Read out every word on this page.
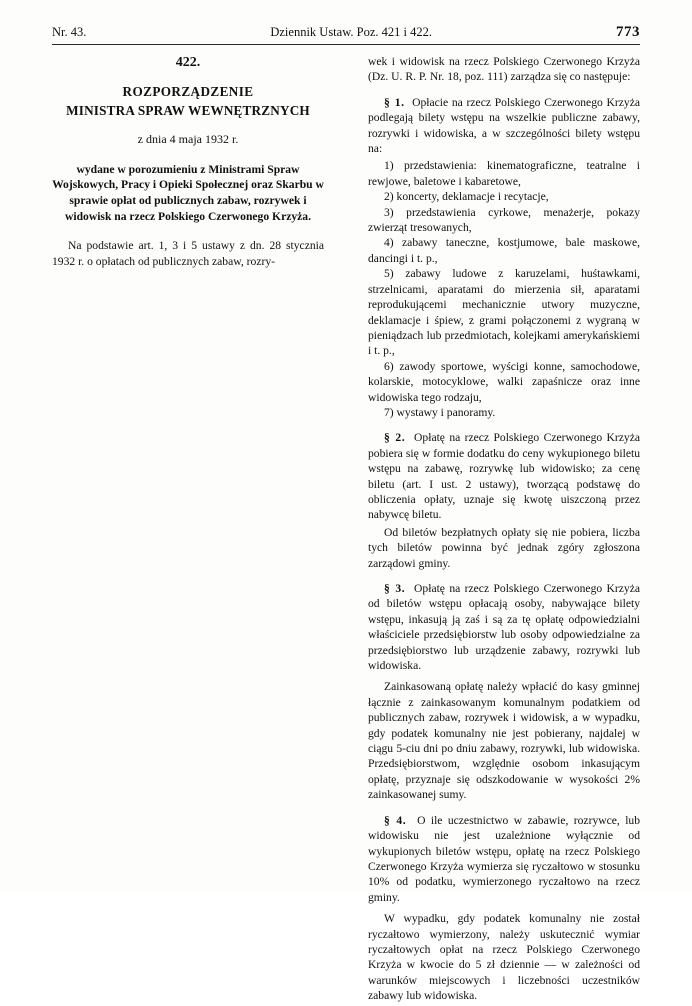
Nr. 43.	Dziennik Ustaw. Poz. 421 i 422.	773

422.

ROZPORZĄDZENIE

MINISTRA SPRAW WEWNĘTRZNYCH

z dnia 4 maja 1932 r.

wydane w porozumieniu z Ministrami Spraw Wojskowych, Pracy i Opieki Społecznej oraz Skarbu w sprawie opłat od publicznych zabaw, rozrywek i widowisk na rzecz Polskiego Czerwonego Krzyża.

Na podstawie art. 1, 3 i 5 ustawy z dn. 28 stycznia 1932 r. o opłatach od publicznych zabaw, rozry-

wek i widowisk na rzecz Polskiego Czerwonego Krzyża (Dz. U. R. P. Nr. 18, poz. 111) zarządza się co następuje:

§ 1. Opłacie na rzecz Polskiego Czerwonego Krzyża podlegają bilety wstępu na wszelkie publiczne zabawy, rozrywki i widowiska, a w szczególności bilety wstępu na:

1) przedstawienia: kinematograficzne, teatralne i rewjowe, baletowe i kabaretowe,

2) koncerty, deklamacje i recytacje,

3) przedstawienia cyrkowe, menażerje, pokazy zwierząt tresowanych,

4) zabawy taneczne, kostjumowe, bale maskowe, dancingi i t. p.,

5) zabawy ludowe z karuzelami, huśtawkami, strzelnicami, aparatami do mierzenia sił, aparatami reprodukującemi mechanicznie utwory muzyczne, deklamacje i śpiew, z grami połączonemi z wygraną w pieniądzach lub przedmiotach, kolejkami amerykańskiemi i t. p.,

6) zawody sportowe, wyścigi konne, samochodowe, kolarskie, motocyklowe, walki zapaśnicze oraz inne widowiska tego rodzaju,

7) wystawy i panoramy.

§ 2. Opłatę na rzecz Polskiego Czerwonego Krzyża pobiera się w formie dodatku do ceny wykupionego biletu wstępu na zabawę, rozrywkę lub widowisko; za cenę biletu (art. I ust. 2 ustawy), tworzącą podstawę do obliczenia opłaty, uznaje się kwotę uiszczoną przez nabywcę biletu.

Od biletów bezpłatnych opłaty się nie pobiera, liczba tych biletów powinna być jednak zgóry zgłoszona zarządowi gminy.

§ 3. Opłatę na rzecz Polskiego Czerwonego Krzyża od biletów wstępu opłacają osoby, nabywające bilety wstępu, inkasują ją zaś i są za tę opłatę odpowiedzialni właściciele przedsiębiorstw lub osoby odpowiedzialne za przedsiębiorstwo lub urządzenie zabawy, rozrywki lub widowiska.

Zainkasowaną opłatę należy wpłacić do kasy gminnej łącznie z zainkasowanym komunalnym podatkiem od publicznych zabaw, rozrywek i widowisk, a w wypadku, gdy podatek komunalny nie jest pobierany, najdalej w ciągu 5-ciu dni po dniu zabawy, rozrywki, lub widowiska. Przedsiębiorstwom, względnie osobom inkasującym opłatę, przyznaje się odszkodowanie w wysokości 2% zainkasowanej sumy.

§ 4. O ile uczestnictwo w zabawie, rozrywce, lub widowisku nie jest uzależnione wyłącznie od wykupionych biletów wstępu, opłatę na rzecz Polskiego Czerwonego Krzyża wymierza się ryczałtowo w stosunku 10% od podatku, wymierzonego ryczałtowo na rzecz gminy.

W wypadku, gdy podatek komunalny nie został ryczałtowo wymierzony, należy uskutecznić wymiar ryczałtowych opłat na rzecz Polskiego Czerwonego Krzyża w kwocie do 5 zł dziennie — w zależności od warunków miejscowych i liczebności uczestników zabawy lub widowiska.
